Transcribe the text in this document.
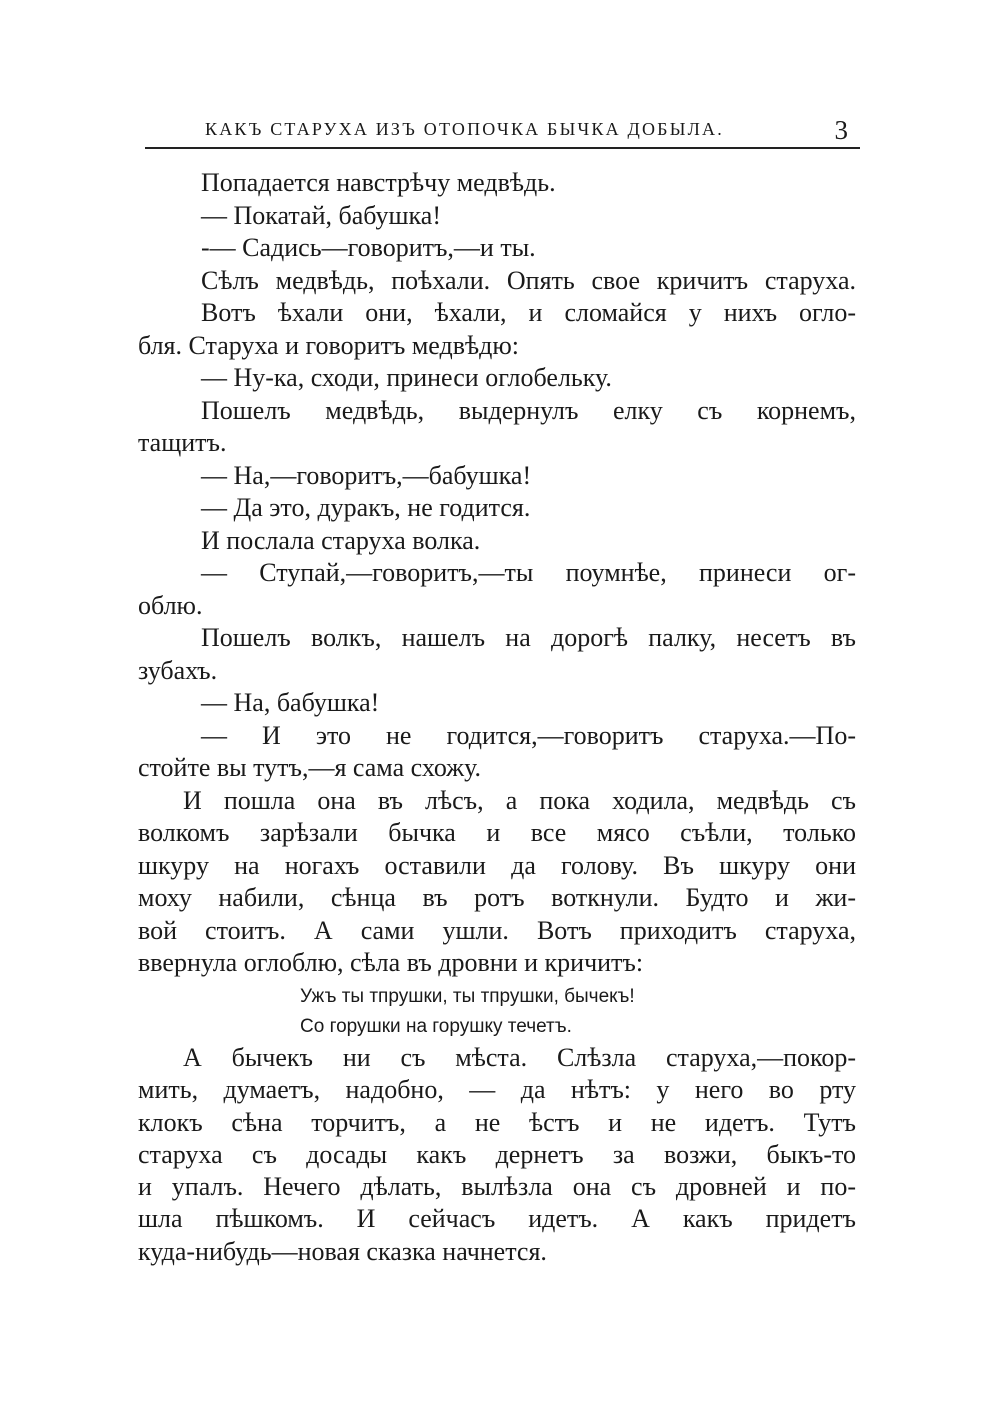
КАКЪ СТАРУХА ИЗЪ ОТОПОЧКА БЫЧКА ДОБЫЛА.	3
Попадается навстрѣчу медвѣдь.
— Покатай, бабушка!
-— Садись—говоритъ,—и ты.
Сѣлъ медвѣдь, поѣхали. Опять свое кричитъ старуха.
Вотъ ѣхали они, ѣхали, и сломайся у нихъ огло-
бля. Старуха и говоритъ медвѣдю:
— Ну-ка, сходи, принеси оглобельку.
Пошелъ медвѣдь, выдернулъ елку съ корнемъ,
тащитъ.
— На,—говоритъ,—бабушка!
— Да это, дуракъ, не годится.
И послала старуха волка.
— Ступай,—говоритъ,—ты поумнѣе, принеси ог-
облю.
Пошелъ волкъ, нашелъ на дорогѣ палку, несетъ въ
зубахъ.
— На, бабушка!
— И это не годится,—говоритъ старуха.—По-
стойте вы тутъ,—я сама схожу.
И пошла она въ лѣсъ, а пока ходила, медвѣдь съ
волкомъ зарѣзали бычка и все мясо съѣли, только
шкуру на ногахъ оставили да голову. Въ шкуру они
моху набили, сѣнца въ ротъ воткнули. Будто и жи-
вой стоитъ. А сами ушли. Вотъ приходитъ старуха,
ввернула оглоблю, сѣла въ дровни и кричитъ:
Ужъ ты тпрушки, ты тпрушки, бычекъ!
Со горушки на горушку течетъ.
А бычекъ ни съ мѣста. Слѣзла старуха,—покор-
мить, думаетъ, надобно, — да нѣтъ: у него во рту
клокъ сѣна торчитъ, а не ѣстъ и не идетъ. Тутъ
старуха съ досады какъ дернетъ за возжи, быкъ-то
и упалъ. Нечего дѣлать, вылѣзла она съ дровней и по-
шла пѣшкомъ. И сейчасъ идетъ. А какъ придетъ
куда-нибудь—новая сказка начнется.
